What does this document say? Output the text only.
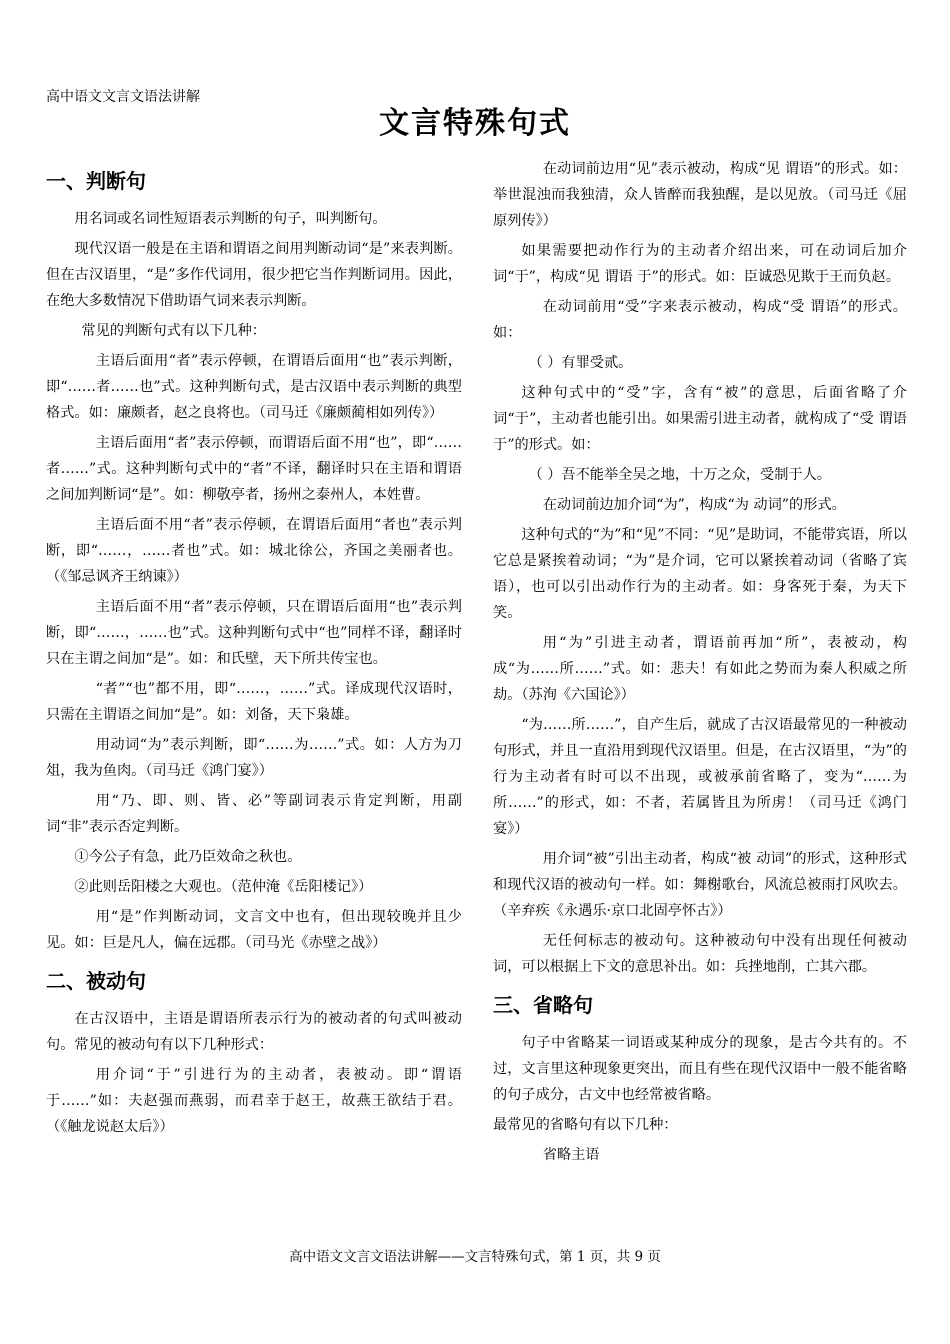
高中语文文言文语法讲解
文言特殊句式
一、判断句

用名词或名词性短语表示判断的句子，叫判断句。

现代汉语一般是在主语和谓语之间用判断动词“是”来表判断。但在古汉语里，“是”多作代词用，很少把它当作判断词用。因此，在绝大多数情况下借助语气词来表示判断。

常见的判断句式有以下几种：

主语后面用“者”表示停顿，在谓语后面用“也”表示判断，即“……者……也”式。这种判断句式，是古汉语中表示判断的典型格式。如：廉颇者，赵之良将也。（司马迁《廉颇蔺相如列传》）

主语后面用“者”表示停顿，而谓语后面不用“也”，即“……者……”式。这种判断句式中的“者”不译，翻译时只在主语和谓语之间加判断词“是”。如：柳敬亭者，扬州之泰州人，本姓曹。

主语后面不用“者”表示停顿，在谓语后面用“者也”表示判断，即“……，……者也”式。如：城北徐公，齐国之美丽者也。（《邹忌讽齐王纳谏》）

主语后面不用“者”表示停顿，只在谓语后面用“也”表示判断，即“……，……也”式。这种判断句式中“也”同样不译，翻译时只在主谓之间加“是”。如：和氏壁，天下所共传宝也。

“者”“也”都不用，即“……，……”式。译成现代汉语时，只需在主谓语之间加“是”。如：刘备，天下枭雄。

用动词“为”表示判断，即“……为……”式。如：人方为刀俎，我为鱼肉。（司马迁《鸿门宴》）

用“乃、即、则、皆、必”等副词表示肯定判断，用副词“非”表示否定判断。

①今公子有急，此乃臣效命之秋也。

②此则岳阳楼之大观也。（范仲淹《岳阳楼记》）

用“是”作判断动词，文言文中也有，但出现较晚并且少见。如：巨是凡人，偏在远郡。（司马光《赤壁之战》）

二、被动句

在古汉语中，主语是谓语所表示行为的被动者的句式叫被动句。常见的被动句有以下几种形式：

用介词“于”引进行为的主动者，表被动。即“谓语 于……”如：夫赵强而燕弱，而君幸于赵王，故燕王欲结于君。（《触龙说赵太后》）

在动词前边用“见”表示被动，构成“见 谓语”的形式。如：举世混浊而我独清，众人皆醉而我独醒，是以见放。（司马迁《屈原列传》）

如果需要把动作行为的主动者介绍出来，可在动词后加介词“于”，构成“见 谓语 于”的形式。如：臣诚恐见欺于王而负赵。

在动词前用“受”字来表示被动，构成“受 谓语”的形式。如：

（ ）有罪受贰。

这种句式中的“受”字，含有“被”的意思，后面省略了介词“于”，主动者也能引出。如果需引进主动者，就构成了“受 谓语 于”的形式。如：

（ ）吾不能举全吴之地，十万之众，受制于人。

在动词前边加介词“为”，构成“为 动词”的形式。

这种句式的“为”和“见”不同：“见”是助词，不能带宾语，所以它总是紧挨着动词；“为”是介词，它可以紧挨着动词（省略了宾语），也可以引出动作行为的主动者。如：身客死于秦，为天下笑。

用“为”引进主动者，谓语前再加“所”，表被动，构成“为……所……”式。如：悲夫！有如此之势而为秦人积威之所劫。（苏洵《六国论》）

“为……所……”，自产生后，就成了古汉语最常见的一种被动句形式，并且一直沿用到现代汉语里。但是，在古汉语里，“为”的行为主动者有时可以不出现，或被承前省略了，变为“……为所……”的形式，如：不者，若属皆且为所虏！（司马迁《鸿门宴》）

用介词“被”引出主动者，构成“被 动词”的形式，这种形式和现代汉语的被动句一样。如：舞榭歌台，风流总被雨打风吹去。（辛弃疾《永遇乐·京口北固亭怀古》）

无任何标志的被动句。这种被动句中没有出现任何被动词，可以根据上下文的意思补出。如：兵挫地削，亡其六郡。

三、省略句

句子中省略某一词语或某种成分的现象，是古今共有的。不过，文言里这种现象更突出，而且有些在现代汉语中一般不能省略的句子成分，古文中也经常被省略。

最常见的省略句有以下几种：

省略主语

高中语文文言文语法讲解——文言特殊句式，第 1 页，共 9 页
